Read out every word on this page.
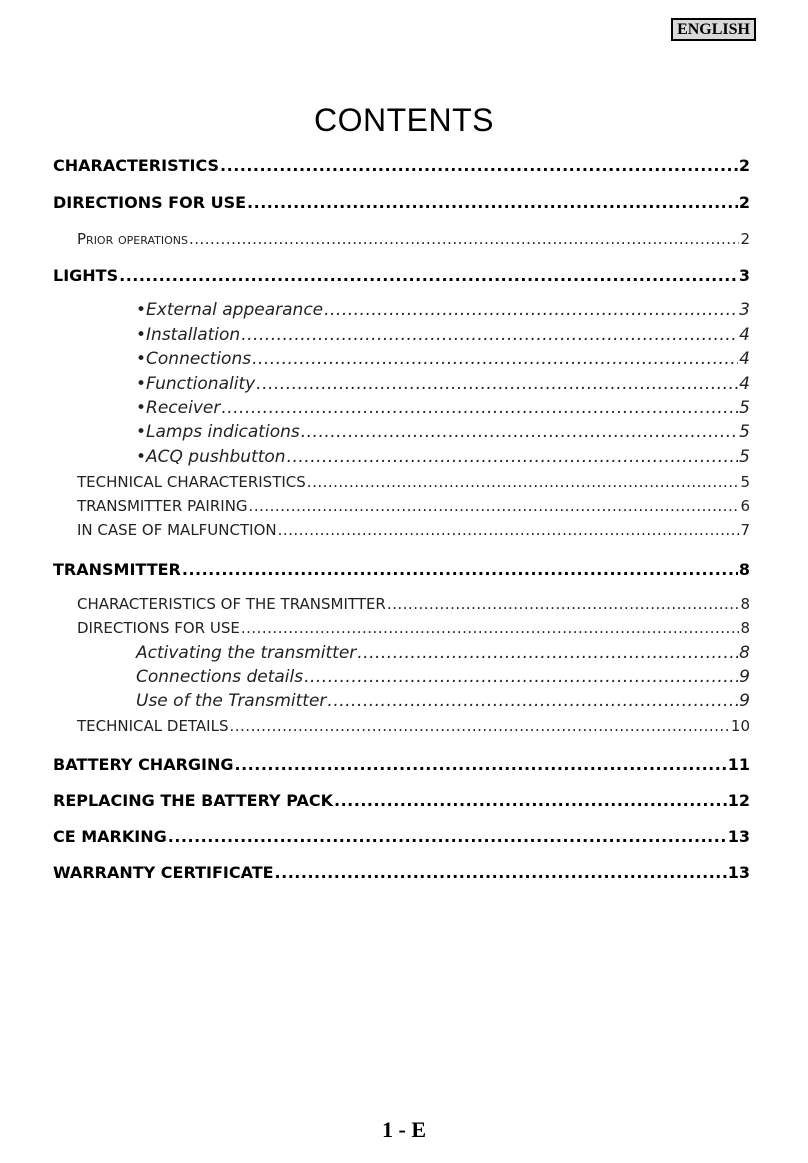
ENGLISH
CONTENTS
CHARACTERISTICS .....	2
DIRECTIONS FOR USE .....	2
Prior operations .....	2
LIGHTS .....	3
•External appearance .....	3
•Installation .....	4
•Connections .....	4
•Functionality .....	4
•Receiver .....	5
•Lamps indications .....	5
•ACQ pushbutton .....	5
TECHNICAL CHARACTERISTICS .....	5
TRANSMITTER PAIRING .....	6
IN CASE OF MALFUNCTION .....	7
TRANSMITTER .....	8
CHARACTERISTICS OF THE TRANSMITTER .....	8
DIRECTIONS FOR USE .....	8
Activating the transmitter .....	8
Connections details .....	9
Use of the Transmitter .....	9
TECHNICAL DETAILS .....	10
BATTERY CHARGING .....	11
REPLACING THE BATTERY PACK .....	12
CE MARKING .....	13
WARRANTY CERTIFICATE .....	13
1 - E
